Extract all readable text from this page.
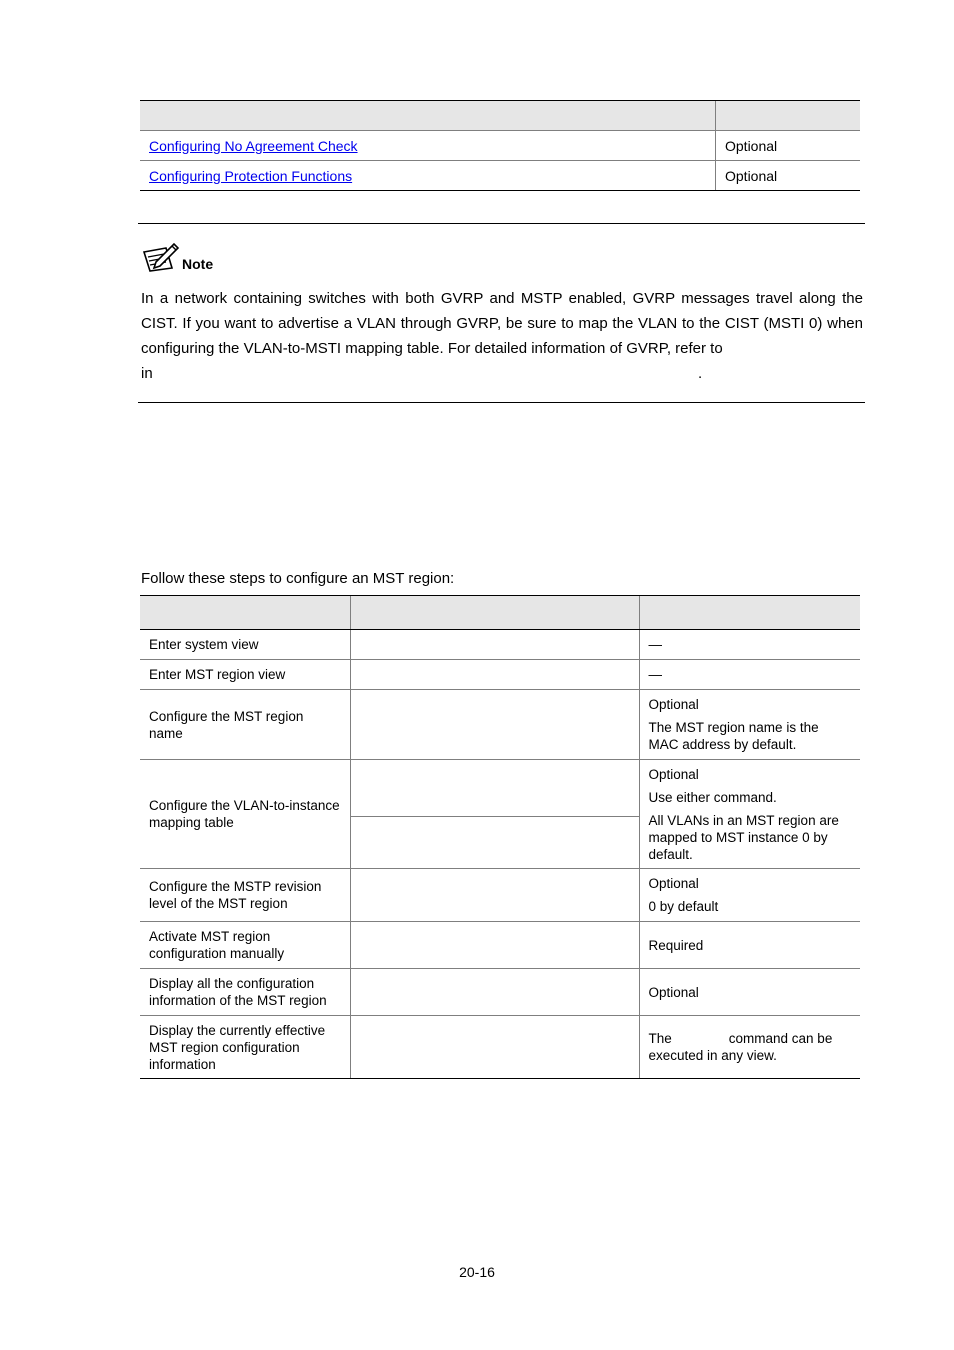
Configuring No Agreement Check	Optional
Configuring Protection Functions	Optional
Note

In a network containing switches with both GVRP and MSTP enabled, GVRP messages travel along the CIST. If you want to advertise a VLAN through GVRP, be sure to map the VLAN to the CIST (MSTI 0) when configuring the VLAN-to-MSTI mapping table. For detailed information of GVRP, refer to

in	.
Follow these steps to configure an MST region:

Enter system view		—
Enter MST region view		—
Configure the MST region name		Optional

The MST region name is the MAC address by default.

Configure the VLAN-to-instance mapping table		Optional

Use either command.

All VLANs in an MST region are mapped to MST instance 0 by default.

Configure the MSTP revision level of the MST region		Optional

0 by default

Activate MST region configuration manually		Required
Display all the configuration information of the MST region		Optional
Display the currently effective MST region configuration information		The command can be executed in any view.

20-16
